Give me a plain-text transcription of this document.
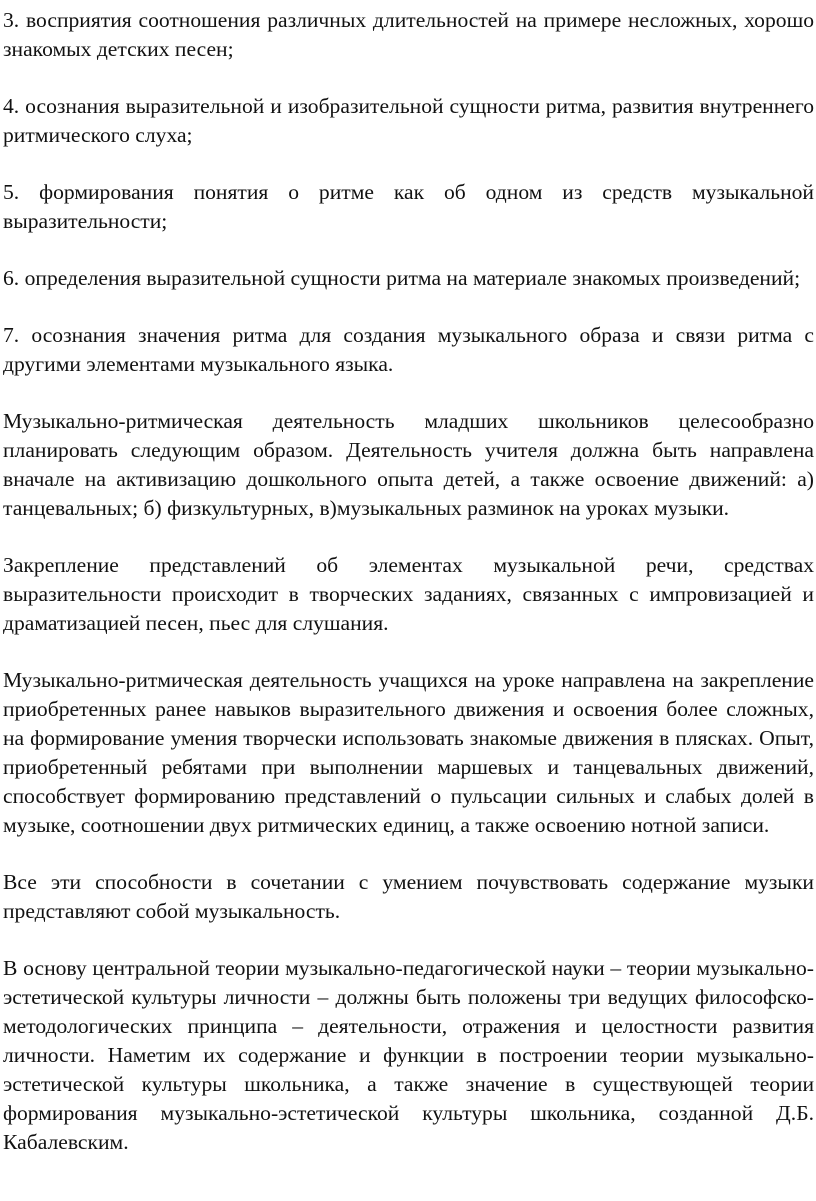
3. восприятия соотношения различных длительностей на примере несложных, хорошо знакомых детских песен;

4. осознания выразительной и изобразительной сущности ритма, развития внутреннего ритмического слуха;

5. формирования понятия о ритме как об одном из средств музыкальной выразительности;

6. определения выразительной сущности ритма на материале знакомых произведений;

7. осознания значения ритма для создания музыкального образа и связи ритма с другими элементами музыкального языка.

Музыкально-ритмическая деятельность младших школьников целесообразно планировать следующим образом. Деятельность учителя должна быть направлена вначале на активизацию дошкольного опыта детей, а также освоение движений: а) танцевальных; б) физкультурных, в)музыкальных разминок на уроках музыки.

Закрепление представлений об элементах музыкальной речи, средствах выразительности происходит в творческих заданиях, связанных с импровизацией и драматизацией песен, пьес для слушания.

Музыкально-ритмическая деятельность учащихся на уроке направлена на закрепление приобретенных ранее навыков выразительного движения и освоения более сложных, на формирование умения творчески использовать знакомые движения в плясках. Опыт, приобретенный ребятами при выполнении маршевых и танцевальных движений, способствует формированию представлений о пульсации сильных и слабых долей в музыке, соотношении двух ритмических единиц, а также освоению нотной записи.

Все эти способности в сочетании с умением почувствовать содержание музыки представляют собой музыкальность.

В основу центральной теории музыкально-педагогической науки – теории музыкально-эстетической культуры личности – должны быть положены три ведущих философско-методологических принципа – деятельности, отражения и целостности развития личности. Наметим их содержание и функции в построении теории музыкально-эстетической культуры школьника, а также значение в существующей теории формирования музыкально-эстетической культуры школьника, созданной Д.Б. Кабалевским.
